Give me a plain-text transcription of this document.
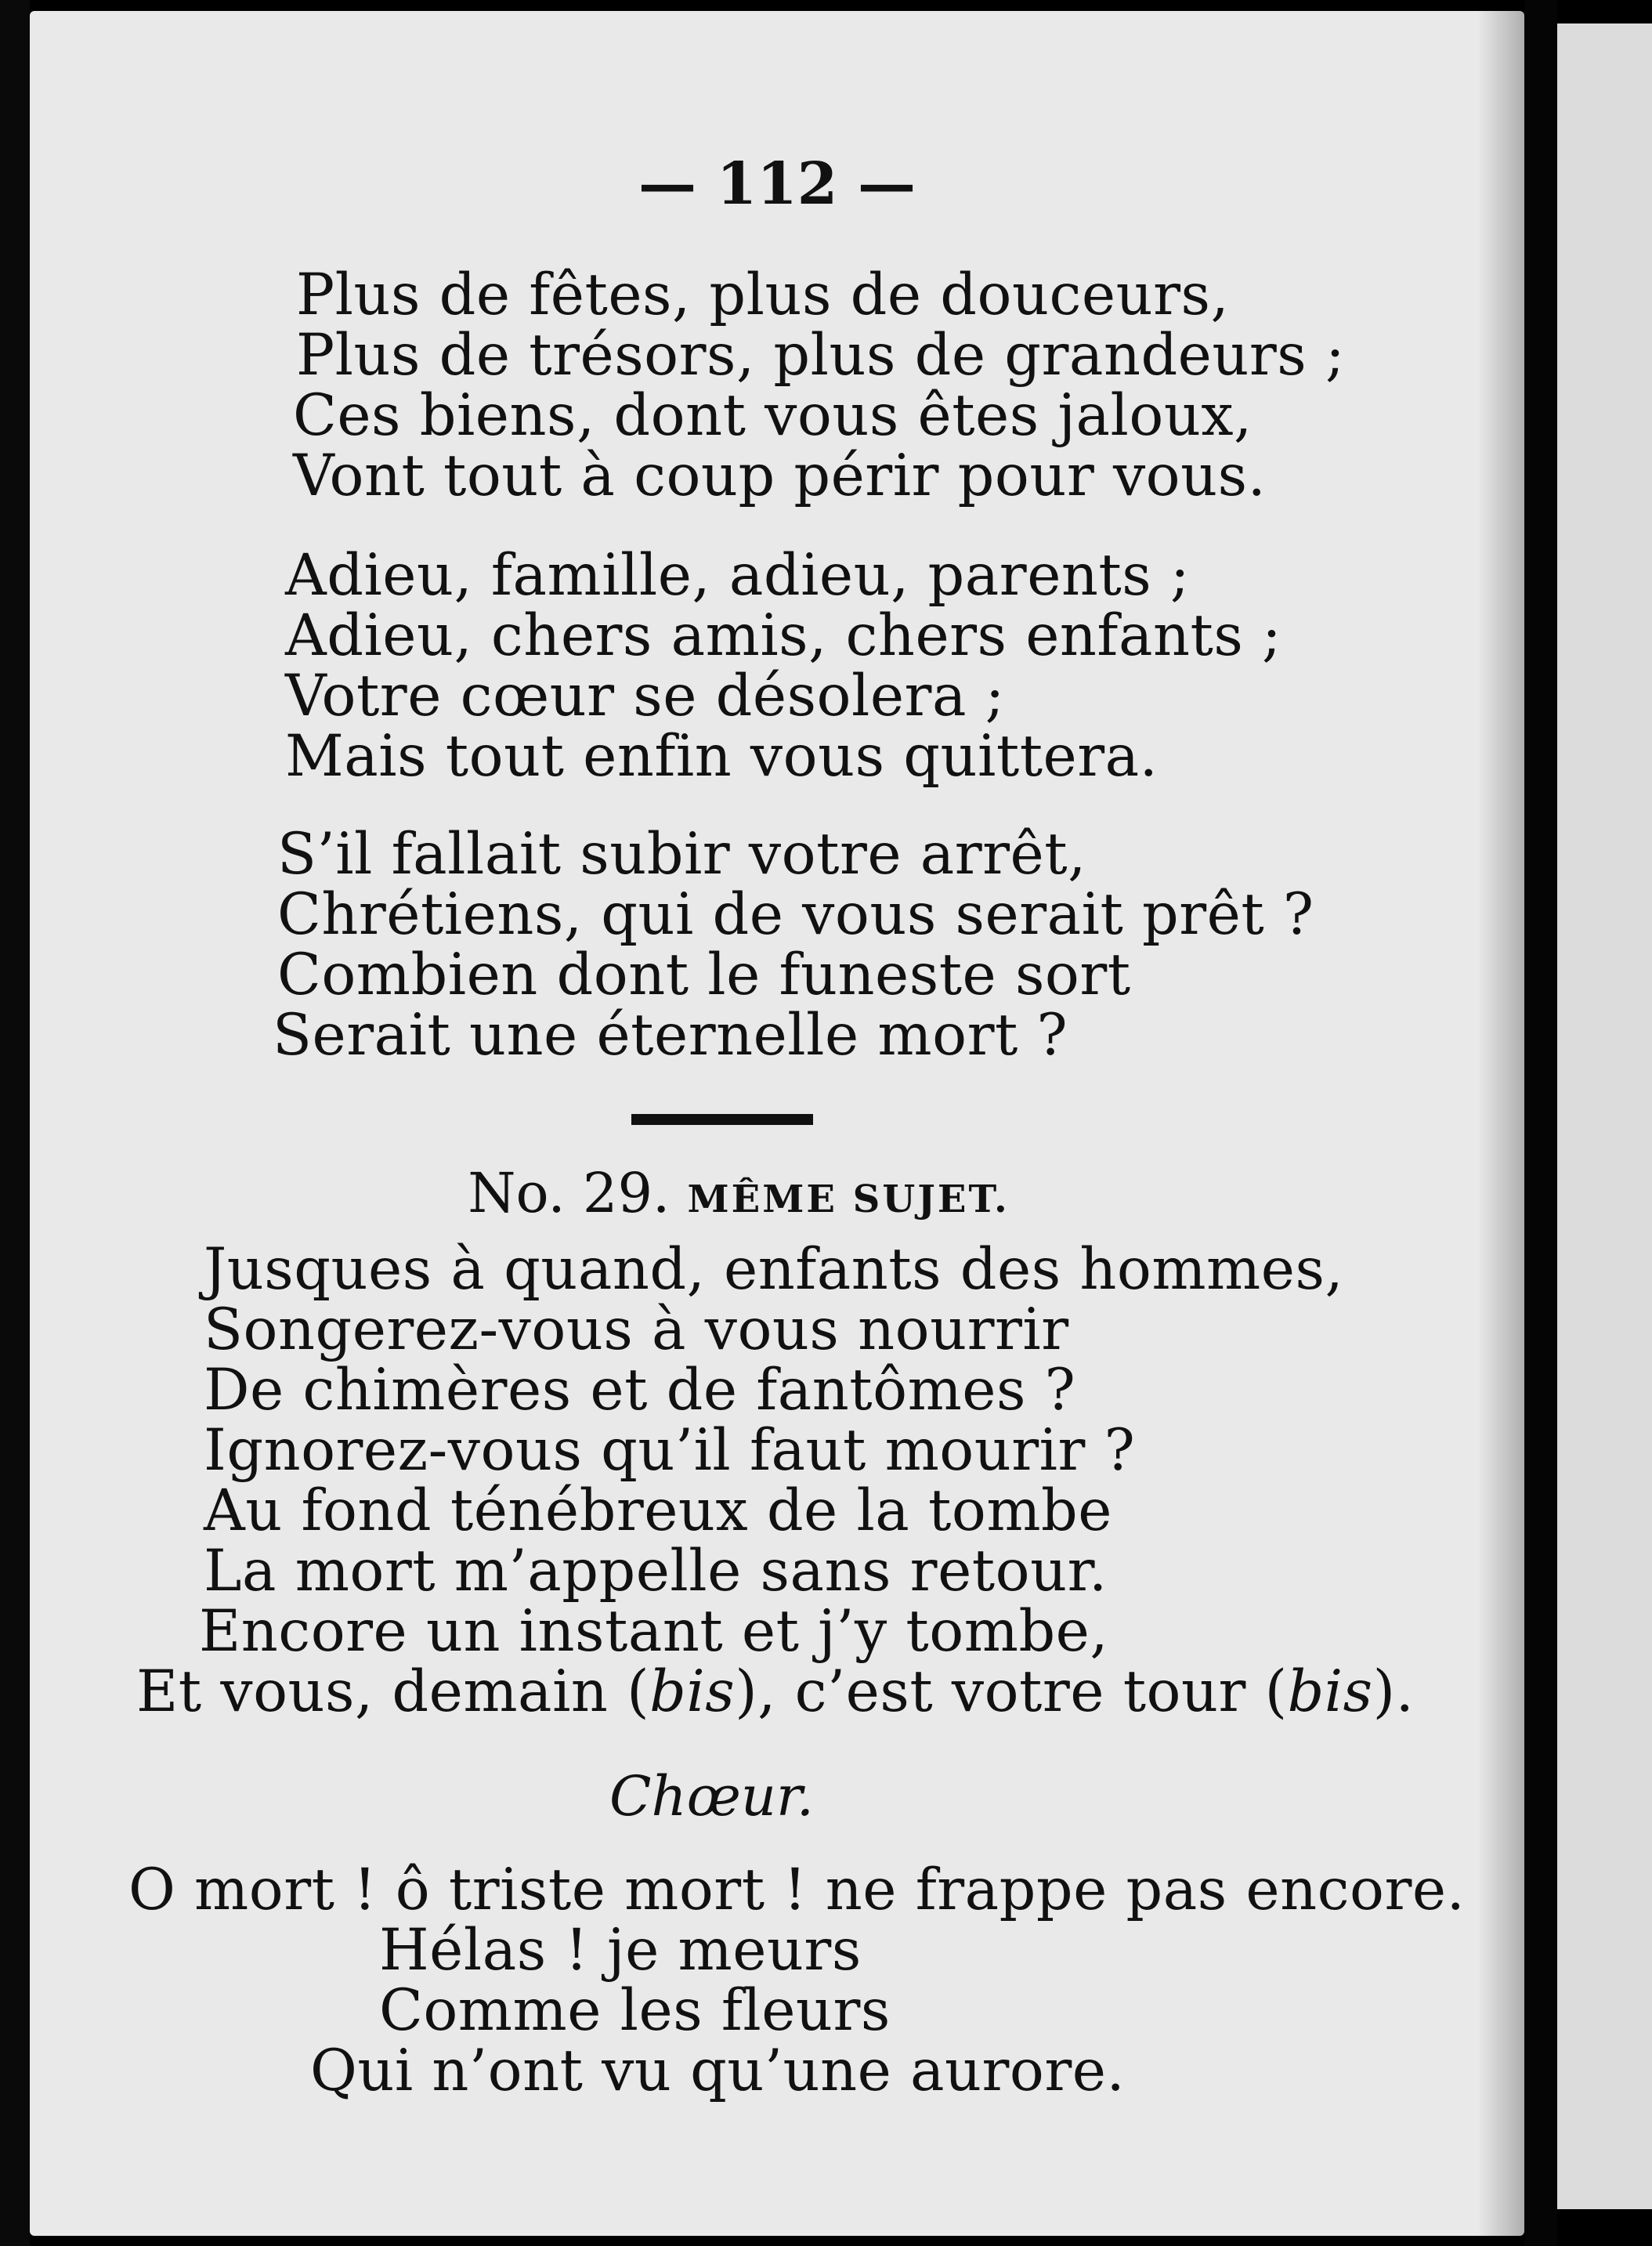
— 112 —
Plus de fêtes, plus de douceurs,
Plus de trésors, plus de grandeurs ;
Ces biens, dont vous êtes jaloux,
Vont tout à coup périr pour vous.
Adieu, famille, adieu, parents ;
Adieu, chers amis, chers enfants ;
Votre cœur se désolera ;
Mais tout enfin vous quittera.
S’il fallait subir votre arrêt,
Chrétiens, qui de vous serait prêt ?
Combien dont le funeste sort
Serait une éternelle mort ?
No. 29. MÊME SUJET.
Jusques à quand, enfants des hommes,
Songerez-vous à vous nourrir
De chimères et de fantômes ?
Ignorez-vous qu’il faut mourir ?
Au fond ténébreux de la tombe
La mort m’appelle sans retour.
Encore un instant et j’y tombe,
Et vous, demain (bis), c’est votre tour (bis).
Chœur.
O mort ! ô triste mort ! ne frappe pas encore.
Hélas ! je meurs
Comme les fleurs
Qui n’ont vu qu’une aurore.
